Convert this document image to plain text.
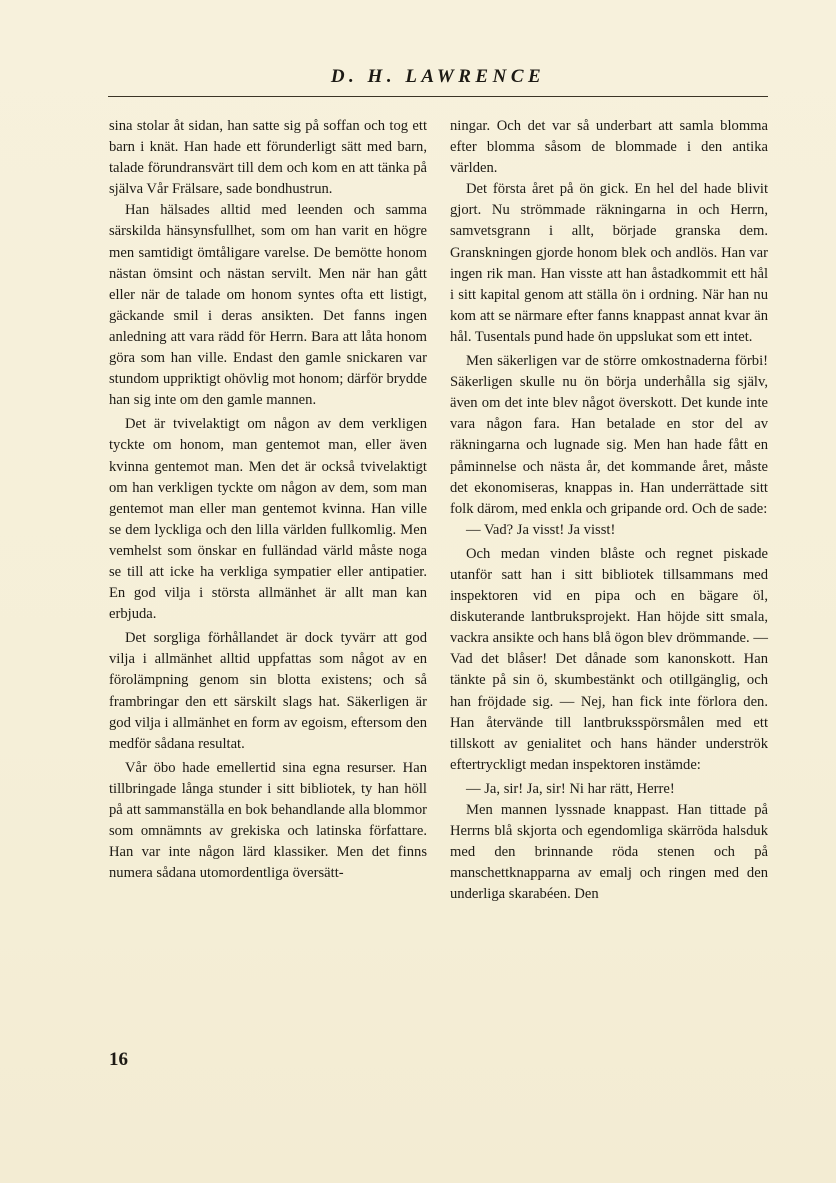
D. H. LAWRENCE

sina stolar åt sidan, han satte sig på soffan och tog ett barn i knät. Han hade ett förunderligt sätt med barn, talade förundransvärt till dem och kom en att tänka på själva Vår Frälsare, sade bondhustrun.

Han hälsades alltid med leenden och samma särskilda hänsynsfullhet, som om han varit en högre men samtidigt ömtåligare varelse. De bemötte honom nästan ömsint och nästan servilt. Men när han gått eller när de talade om honom syntes ofta ett listigt, gäckande smil i deras ansikten. Det fanns ingen anledning att vara rädd för Herrn. Bara att låta honom göra som han ville. Endast den gamle snickaren var stundom uppriktigt ohövlig mot honom; därför brydde han sig inte om den gamle mannen.

Det är tvivelaktigt om någon av dem verkligen tyckte om honom, man gentemot man, eller även kvinna gentemot man. Men det är också tvivelaktigt om han verkligen tyckte om någon av dem, som man gentemot man eller man gentemot kvinna. Han ville se dem lyckliga och den lilla världen fullkomlig. Men vemhelst som önskar en fulländad värld måste noga se till att icke ha verkliga sympatier eller antipatier. En god vilja i största allmänhet är allt man kan erbjuda.

Det sorgliga förhållandet är dock tyvärr att god vilja i allmänhet alltid uppfattas som något av en förolämpning genom sin blotta existens; och så frambringar den ett särskilt slags hat. Säkerligen är god vilja i allmänhet en form av egoism, eftersom den medför sådana resultat.

Vår öbo hade emellertid sina egna resurser. Han tillbringade långa stunder i sitt bibliotek, ty han höll på att sammanställa en bok behandlande alla blommor som omnämnts av grekiska och latinska författare. Han var inte någon lärd klassiker. Men det finns numera sådana utomordentliga översätt-

ningar. Och det var så underbart att samla blomma efter blomma såsom de blommade i den antika världen.

Det första året på ön gick. En hel del hade blivit gjort. Nu strömmade räkningarna in och Herrn, samvetsgrann i allt, började granska dem. Granskningen gjorde honom blek och andlös. Han var ingen rik man. Han visste att han åstadkommit ett hål i sitt kapital genom att ställa ön i ordning. När han nu kom att se närmare efter fanns knappast annat kvar än hål. Tusentals pund hade ön uppslukat som ett intet.

Men säkerligen var de större omkostnaderna förbi! Säkerligen skulle nu ön börja underhålla sig själv, även om det inte blev något överskott. Det kunde inte vara någon fara. Han betalade en stor del av räkningarna och lugnade sig. Men han hade fått en påminnelse och nästa år, det kommande året, måste det ekonomiseras, knappas in. Han underrättade sitt folk därom, med enkla och gripande ord. Och de sade:

— Vad? Ja visst! Ja visst!

Och medan vinden blåste och regnet piskade utanför satt han i sitt bibliotek tillsammans med inspektoren vid en pipa och en bägare öl, diskuterande lantbruksprojekt. Han höjde sitt smala, vackra ansikte och hans blå ögon blev drömmande. — Vad det blåser! Det dånade som kanonskott. Han tänkte på sin ö, skumbestänkt och otillgänglig, och han fröjdade sig. — Nej, han fick inte förlora den. Han återvände till lantbruksspörsmålen med ett tillskott av genialitet och hans händer underströk eftertryckligt medan inspektoren instämde:

— Ja, sir! Ja, sir! Ni har rätt, Herre!

Men mannen lyssnade knappast. Han tittade på Herrns blå skjorta och egendomliga skärröda halsduk med den brinnande röda stenen och på manschettknapparna av emalj och ringen med den underliga skarabéen. Den

16
